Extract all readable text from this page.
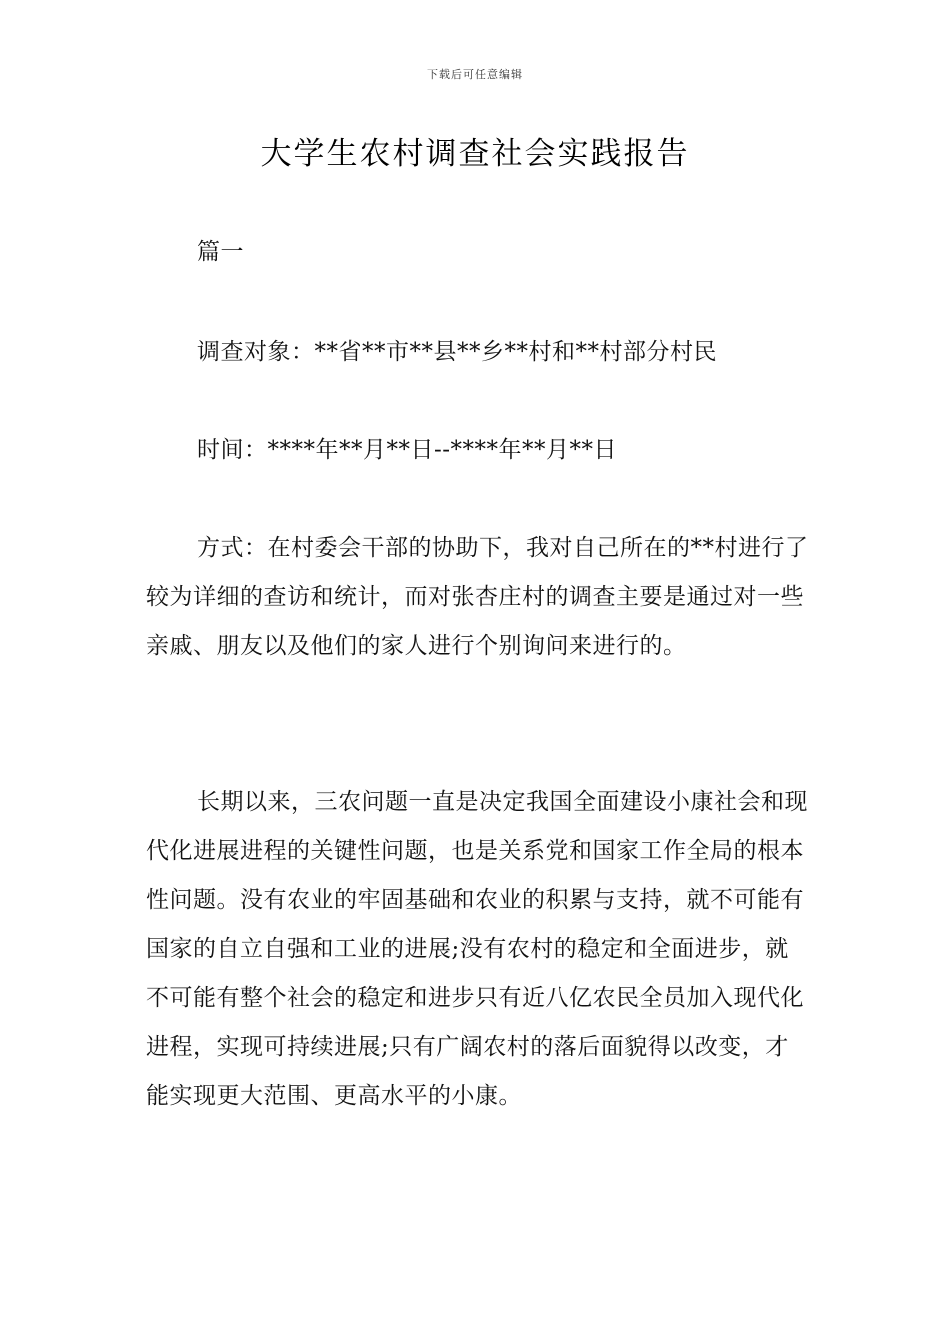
下载后可任意编辑
大学生农村调查社会实践报告

篇一

调查对象：**省**市**县**乡**村和**村部分村民

时间：****年**月**日--****年**月**日

方式：在村委会干部的协助下，我对自己所在的**村进行了较为详细的查访和统计，而对张杏庄村的调查主要是通过对一些亲戚、朋友以及他们的家人进行个别询问来进行的。

长期以来，三农问题一直是决定我国全面建设小康社会和现代化进展进程的关键性问题，也是关系党和国家工作全局的根本性问题。没有农业的牢固基础和农业的积累与支持，就不可能有国家的自立自强和工业的进展;没有农村的稳定和全面进步，就不可能有整个社会的稳定和进步只有近八亿农民全员加入现代化进程，实现可持续进展;只有广阔农村的落后面貌得以改变，才能实现更大范围、更高水平的小康。
